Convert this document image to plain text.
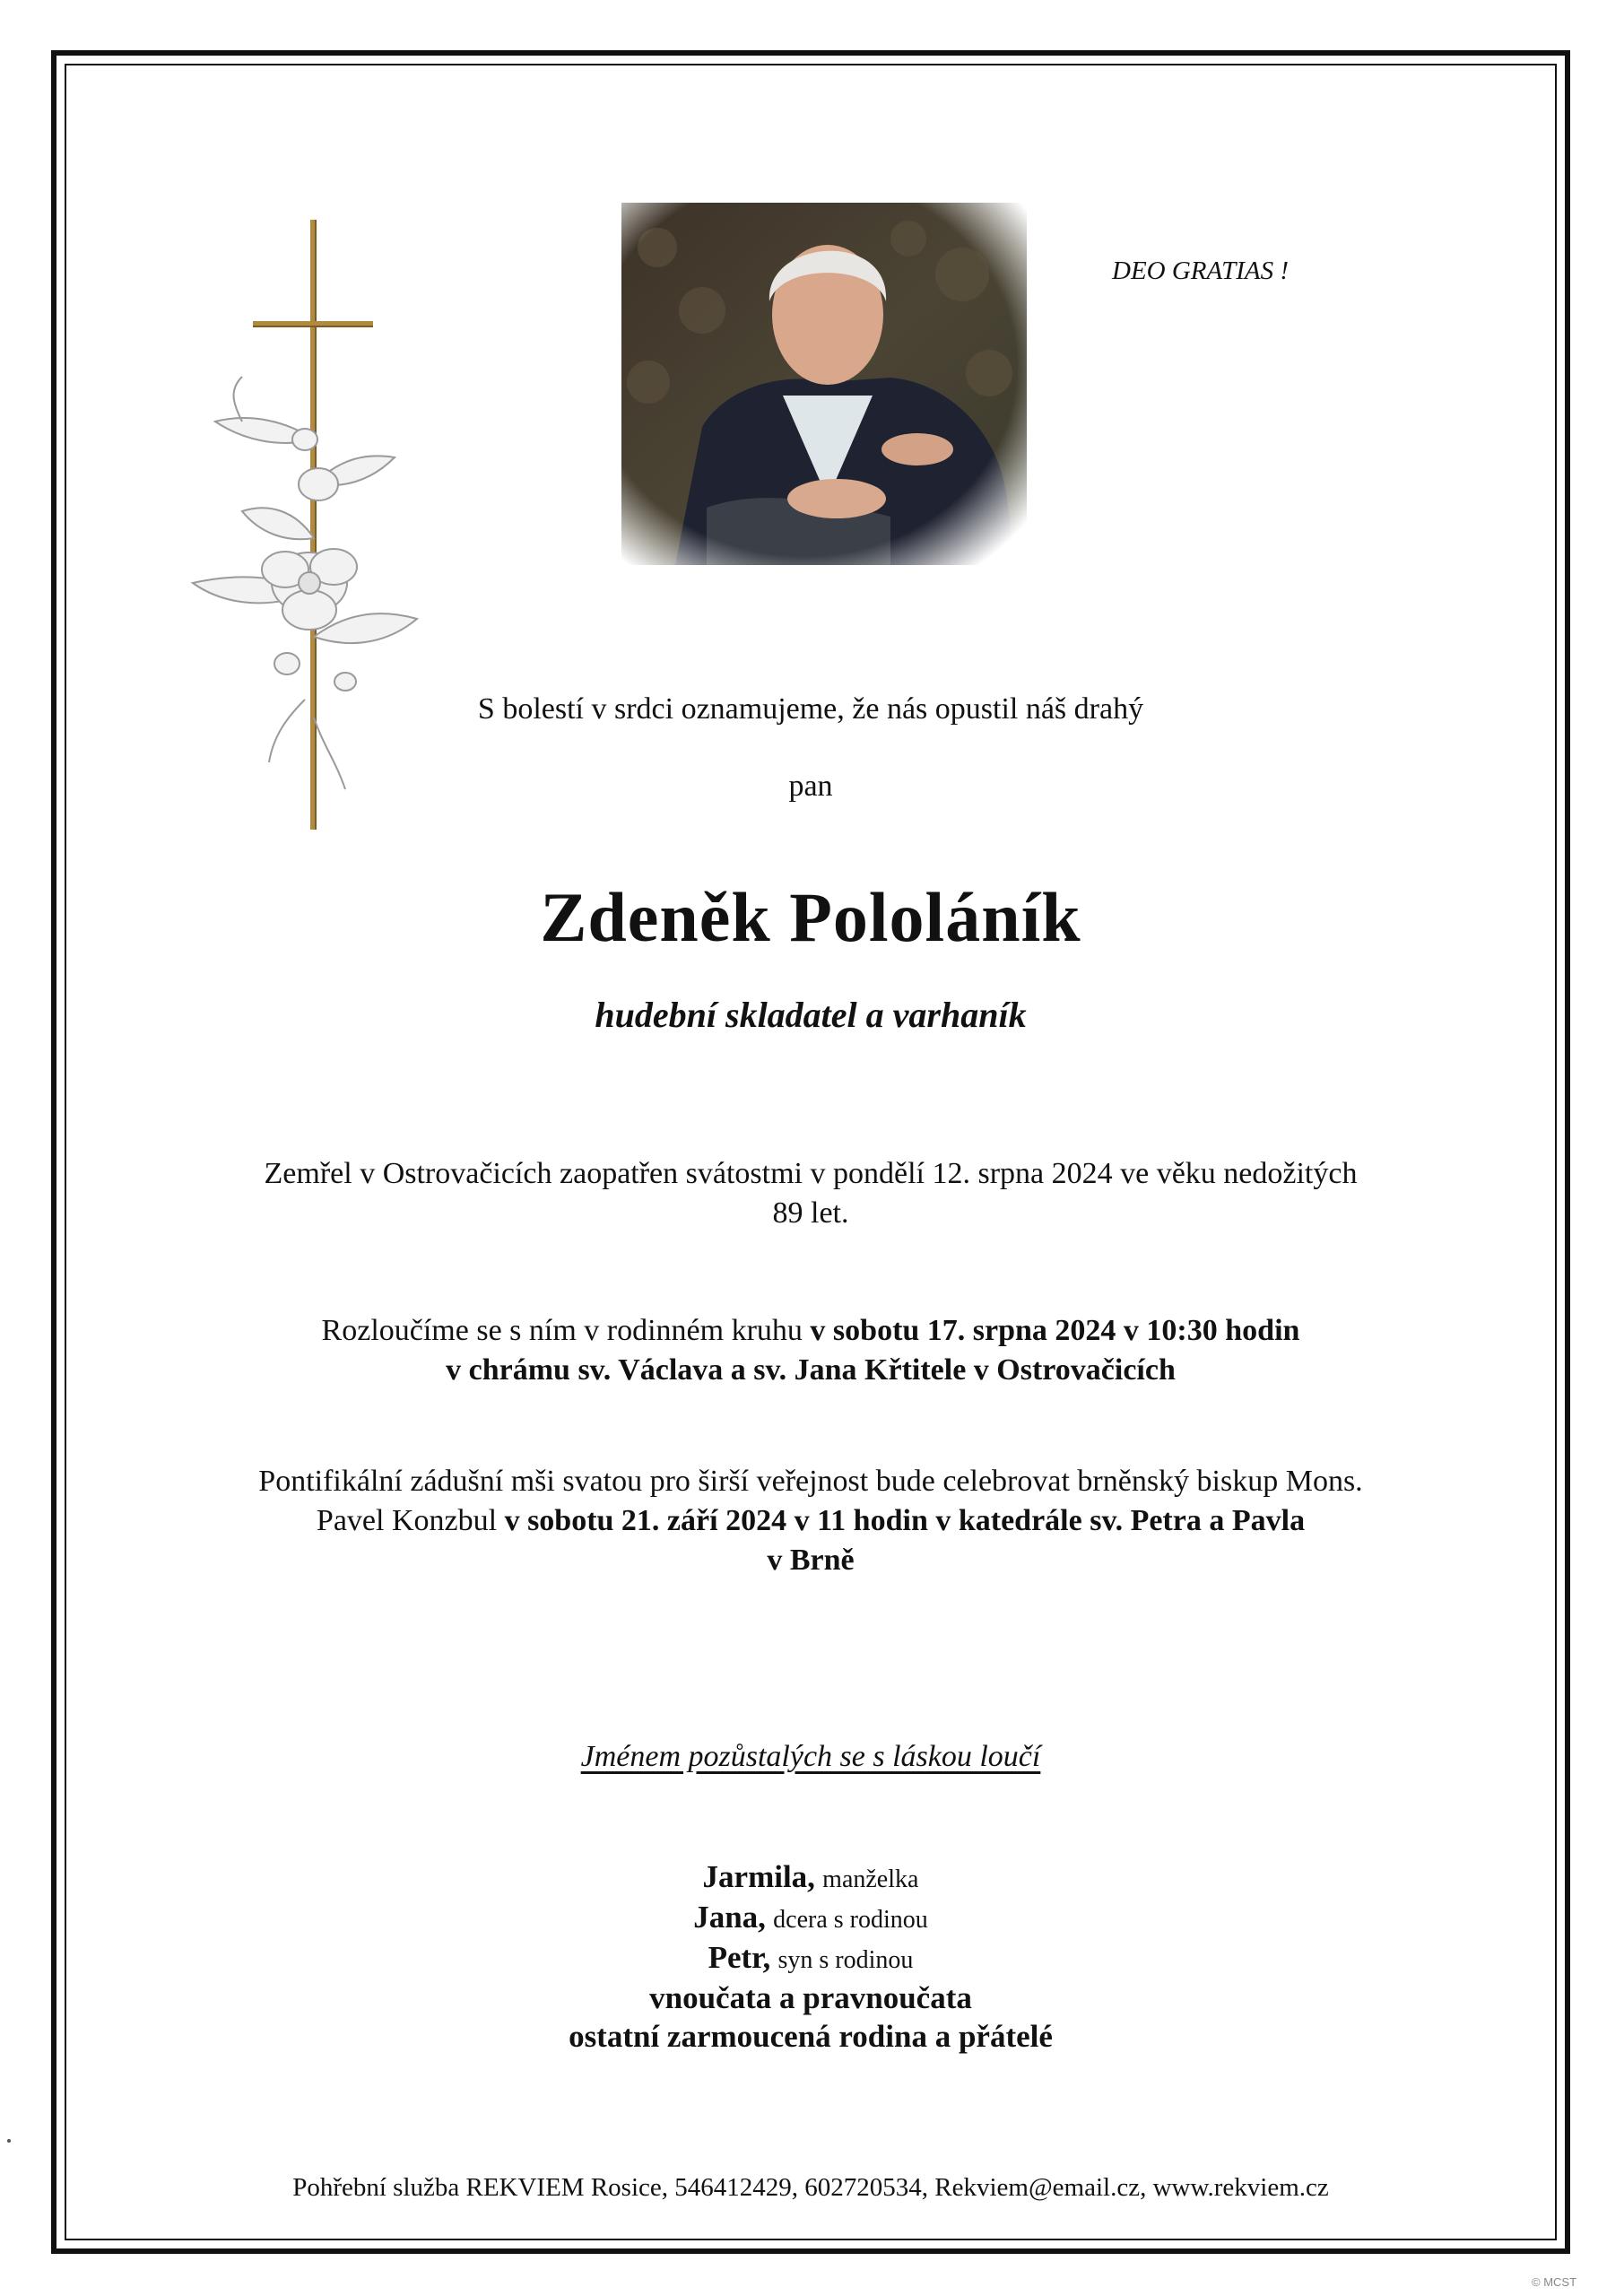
DEO GRATIAS !
S bolestí v srdci oznamujeme, že nás opustil náš drahý
pan
Zdeněk Pololáník
hudební skladatel a varhaník
Zemřel v Ostrovačicích zaopatřen svátostmi v pondělí 12. srpna 2024 ve věku nedožitých
89 let.
Rozloučíme se s ním v rodinném kruhu v sobotu 17. srpna 2024 v 10:30 hodin
v chrámu sv. Václava a sv. Jana Křtitele v Ostrovačicích
Pontifikální zádušní mši svatou pro širší veřejnost bude celebrovat brněnský biskup Mons.
Pavel Konzbul v sobotu 21. září 2024 v 11 hodin v katedrále sv. Petra a Pavla
v Brně
Jménem pozůstalých se s láskou loučí
Jarmila, manželka
Jana, dcera s rodinou
Petr, syn s rodinou
vnoučata a pravnoučata
ostatní zarmoucená rodina a přátelé
Pohřební služba REKVIEM Rosice, 546412429, 602720534, Rekviem@email.cz, www.rekviem.cz
© MCST
